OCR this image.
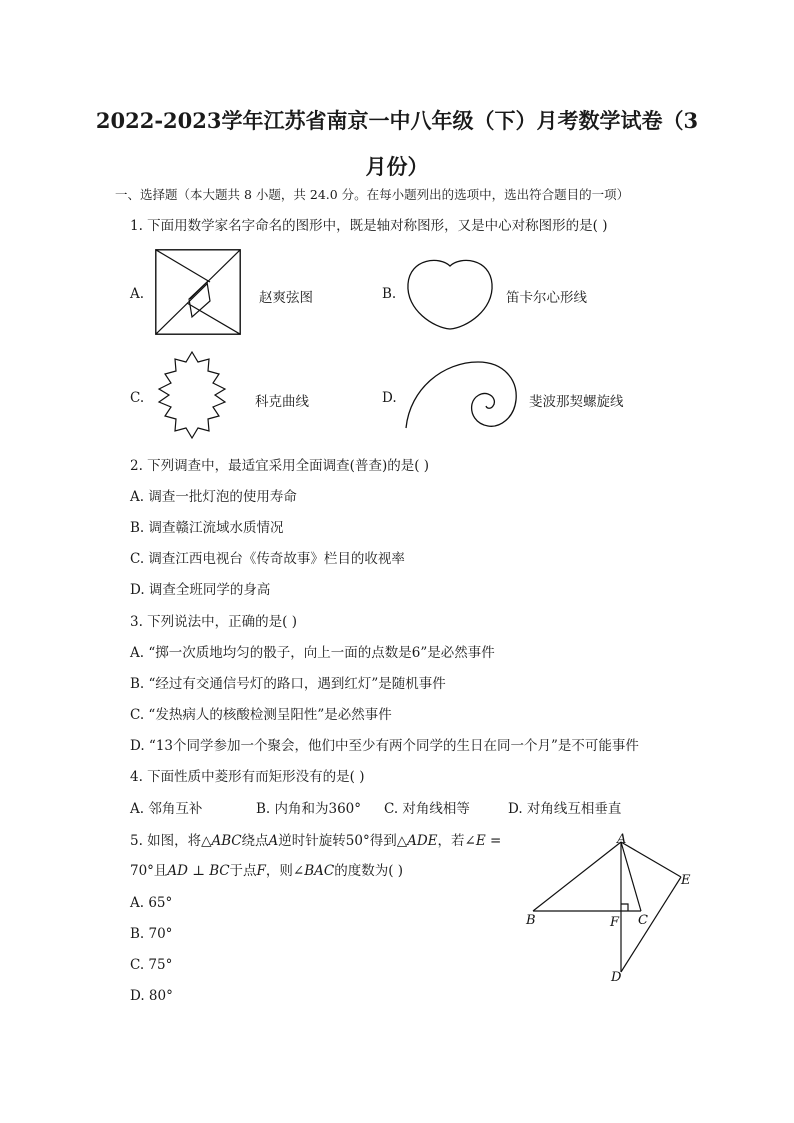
2022-2023学年江苏省南京一中八年级（下）月考数学试卷（3
月份）
一、选择题（本大题共 8 小题，共 24.0 分。在每小题列出的选项中，选出符合题目的一项）
1. 下面用数学家名字命名的图形中，既是轴对称图形，又是中心对称图形的是( )
A.	赵爽弦图	B.	笛卡尔心形线
C.	科克曲线	D.	斐波那契螺旋线
2. 下列调查中，最适宜采用全面调查(普查)的是( )
A. 调查一批灯泡的使用寿命
B. 调查赣江流域水质情况
C. 调查江西电视台《传奇故事》栏目的收视率
D. 调查全班同学的身高
3. 下列说法中，正确的是( )
A. “掷一次质地均匀的骰子，向上一面的点数是6”是必然事件
B. “经过有交通信号灯的路口，遇到红灯”是随机事件
C. “发热病人的核酸检测呈阳性”是必然事件
D. “13个同学参加一个聚会，他们中至少有两个同学的生日在同一个月”是不可能事件
4. 下面性质中菱形有而矩形没有的是( )
A. 邻角互补	B. 内角和为360° C. 对角线相等	D. 对角线互相垂直
5. 如图，将△𝐴𝐵𝐶绕点𝐴逆时针旋转50°得到△𝐴𝐷𝐸，若∠𝐸 =
70°且𝐴𝐷 ⊥ 𝐵𝐶于点𝐹，则∠𝐵𝐴𝐶的度数为( )
A. 65°
B. 70°
C. 75°
D. 80°
A
B	C
D
E
F
